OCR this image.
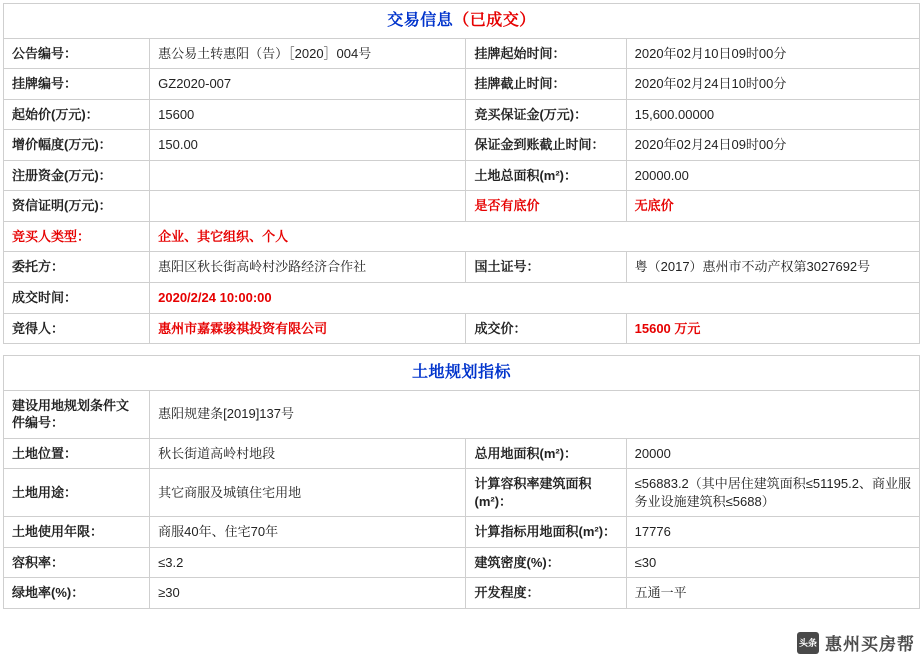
交易信息（已成交）			
公告编号：	惠公易土转惠阳（告）［2020］004号	挂牌起始时间：	2020年02月10日09时00分
挂牌编号：	GZ2020-007	挂牌截止时间：	2020年02月24日10时00分
起始价(万元)：	15600	竞买保证金(万元)：	15,600.00000
增价幅度(万元)：	150.00	保证金到账截止时间：	2020年02月24日09时00分
注册资金(万元)：		土地总面积(m²)：	20000.00
资信证明(万元)：		是否有底价	无底价
竞买人类型：	企业、其它组织、个人		
委托方：	惠阳区秋长街高岭村沙路经济合作社	国土证号：	粤（2017）惠州市不动产权第3027692号
成交时间：	2020/2/24 10:00:00		
竞得人：	惠州市嘉霖骏祺投资有限公司	成交价：	15600 万元
土地规划指标			
建设用地规划条件文件编号：	惠阳规建条[2019]137号		
土地位置：	秋长街道高岭村地段	总用地面积(m²)：	20000
土地用途：	其它商服及城镇住宅用地	计算容积率建筑面积(m²)：	≤56883.2（其中居住建筑面积≤51195.2、商业服务业设施建筑积≤5688）
土地使用年限：	商服40年、住宅70年	计算指标用地面积(m²)：	17776
容积率：	≤3.2	建筑密度(%)：	≤30
绿地率(%)：	≥30	开发程度：	五通一平
头条 惠州买房帮
